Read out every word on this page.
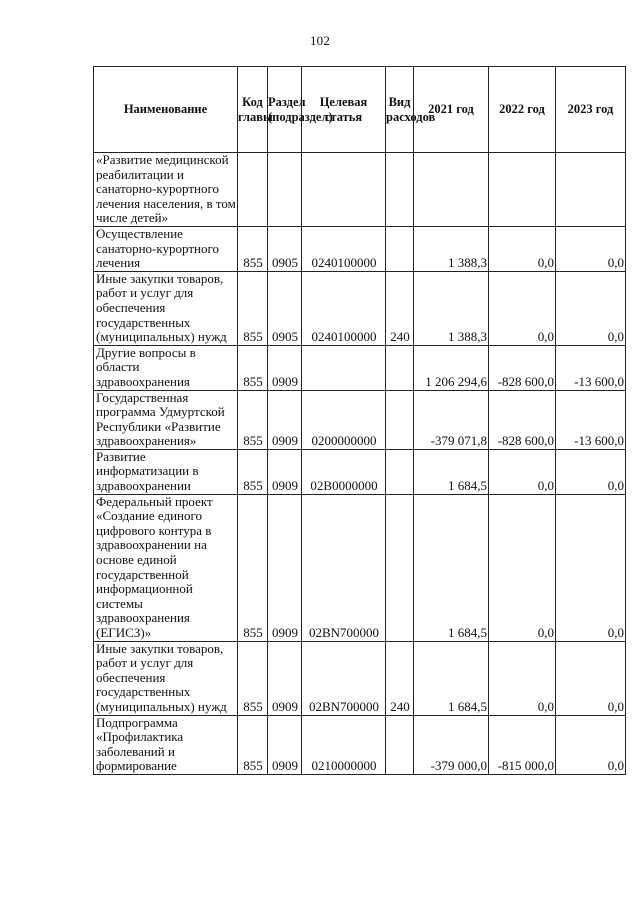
102
Наименование	Код главы	Раздел (подраздел)	Целевая статья	Вид расходов	2021 год	2022 год	2023 год
«Развитие медицинской реабилитации и санаторно-курортного лечения населения, в том числе детей»							
Осуществление санаторно-курортного лечения	855	0905	0240100000		1 388,3	0,0	0,0
Иные закупки товаров, работ и услуг для обеспечения государственных (муниципальных) нужд	855	0905	0240100000	240	1 388,3	0,0	0,0
Другие вопросы в области здравоохранения	855	0909			1 206 294,6	-828 600,0	-13 600,0
Государственная программа Удмуртской Республики «Развитие здравоохранения»	855	0909	0200000000		-379 071,8	-828 600,0	-13 600,0
Развитие информатизации в здравоохранении	855	0909	02B0000000		1 684,5	0,0	0,0
Федеральный проект «Создание единого цифрового контура в здравоохранении на основе единой государственной информационной системы здравоохранения (ЕГИСЗ)»	855	0909	02BN700000		1 684,5	0,0	0,0
Иные закупки товаров, работ и услуг для обеспечения государственных (муниципальных) нужд	855	0909	02BN700000	240	1 684,5	0,0	0,0
Подпрограмма «Профилактика заболеваний и формирование	855	0909	0210000000		-379 000,0	-815 000,0	0,0
